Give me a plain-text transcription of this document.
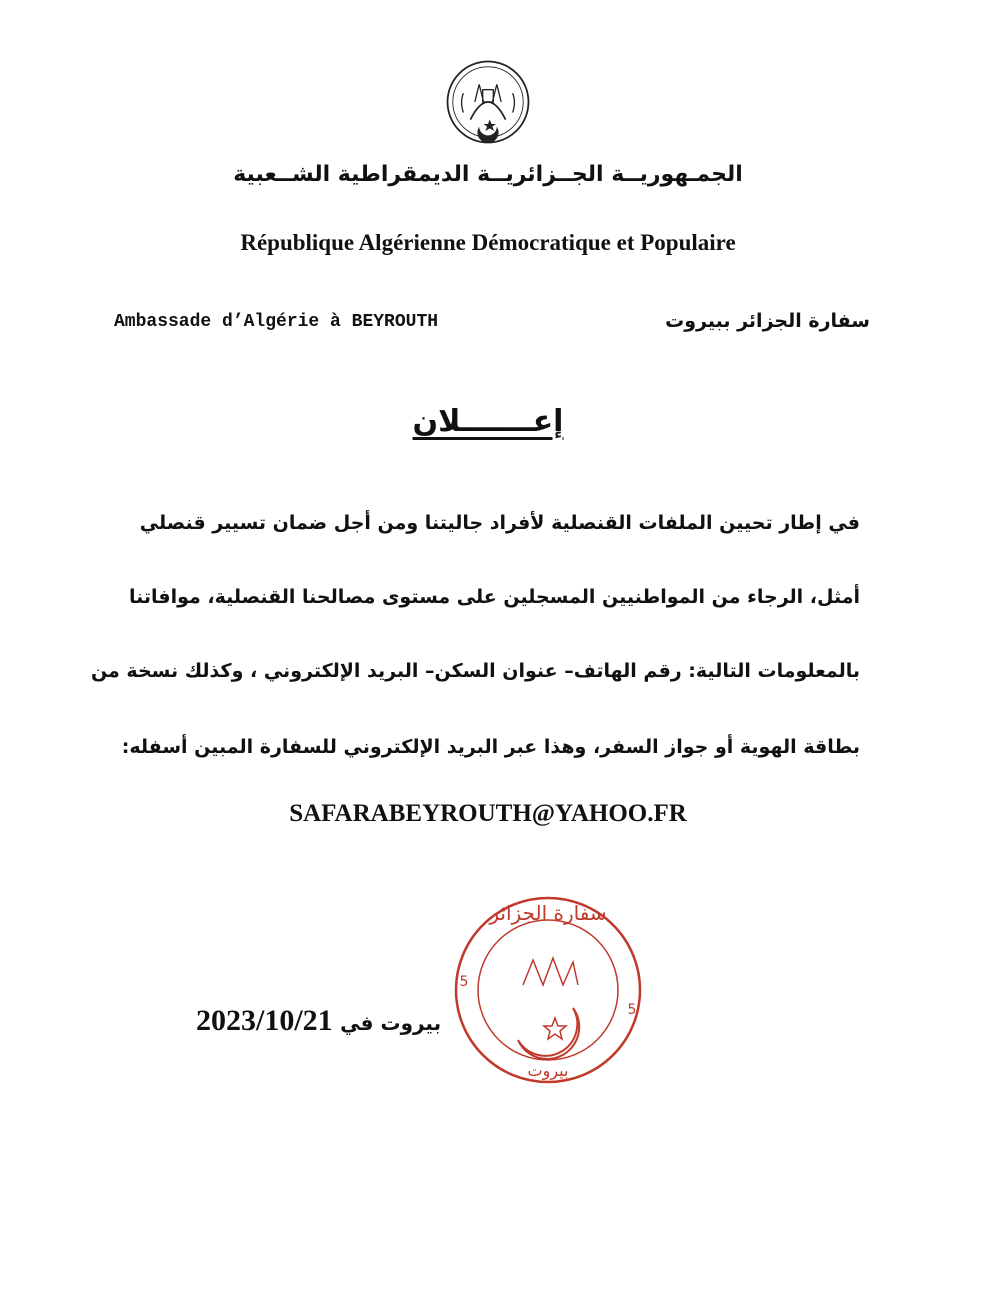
الجمـهوريــة الجــزائريــة الديمقراطية الشــعبية
République Algérienne Démocratique et Populaire
Ambassade d’Algérie à BEYROUTH	سفارة الجزائر ببيروت
إعـــــــلان
في إطار تحيين الملفات القنصلية لأفراد جاليتنا ومن أجل ضمان تسيير قنصلي
أمثل، الرجاء من المواطنيين المسجلين على مستوى مصالحنا القنصلية، موافاتنا
بالمعلومات التالية: رقم الهاتف– عنوان السكن– البريد الإلكتروني ، وكذلك نسخة من
بطاقة الهوية أو جواز السفر، وهذا عبر البريد الإلكتروني للسفارة المبين أسفله:
SAFARABEYROUTH@YAHOO.FR
سفارة الجزائر
بيروت
5
5
بيروت في 2023/10/21
